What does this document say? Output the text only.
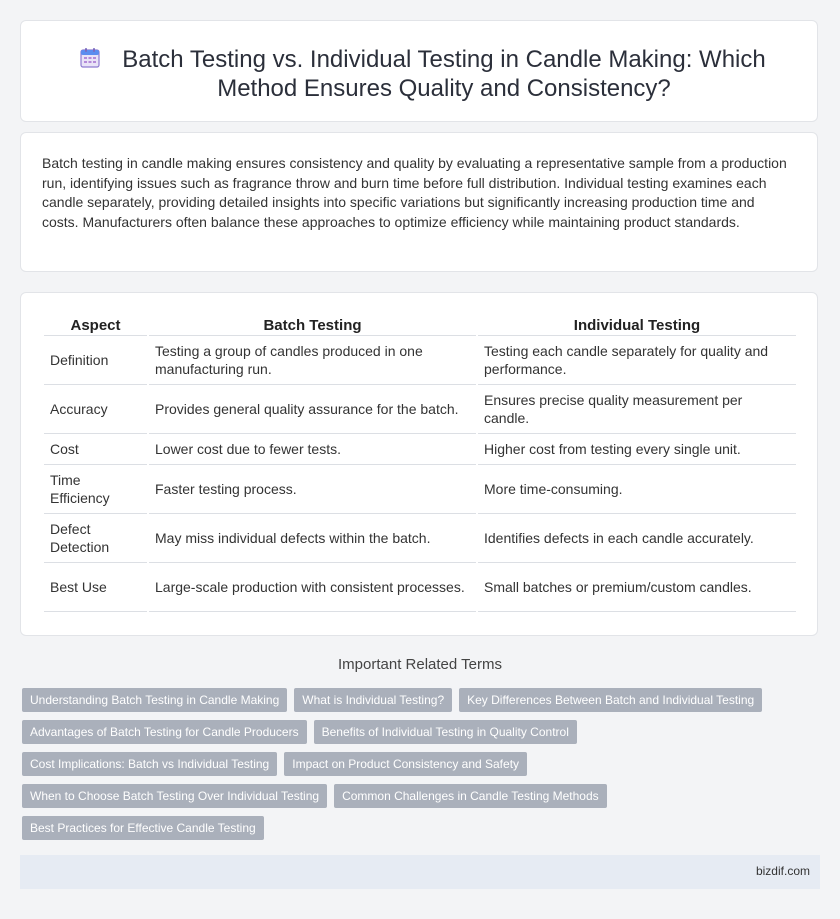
Batch Testing vs. Individual Testing in Candle Making: Which Method Ensures Quality and Consistency?

Batch testing in candle making ensures consistency and quality by evaluating a representative sample from a production run, identifying issues such as fragrance throw and burn time before full distribution. Individual testing examines each candle separately, providing detailed insights into specific variations but significantly increasing production time and costs. Manufacturers often balance these approaches to optimize efficiency while maintaining product standards.

Aspect	Batch Testing	Individual Testing
Definition	Testing a group of candles produced in one manufacturing run.	Testing each candle separately for quality and performance.
Accuracy	Provides general quality assurance for the batch.	Ensures precise quality measurement per candle.
Cost	Lower cost due to fewer tests.	Higher cost from testing every single unit.
Time Efficiency	Faster testing process.	More time-consuming.
Defect Detection	May miss individual defects within the batch.	Identifies defects in each candle accurately.
Best Use	Large-scale production with consistent processes.	Small batches or premium/custom candles.
Important Related Terms
Understanding Batch Testing in Candle Making	What is Individual Testing?	Key Differences Between Batch and Individual Testing
Advantages of Batch Testing for Candle Producers	Benefits of Individual Testing in Quality Control
Cost Implications: Batch vs Individual Testing	Impact on Product Consistency and Safety
When to Choose Batch Testing Over Individual Testing	Common Challenges in Candle Testing Methods
Best Practices for Effective Candle Testing
bizdif.com
